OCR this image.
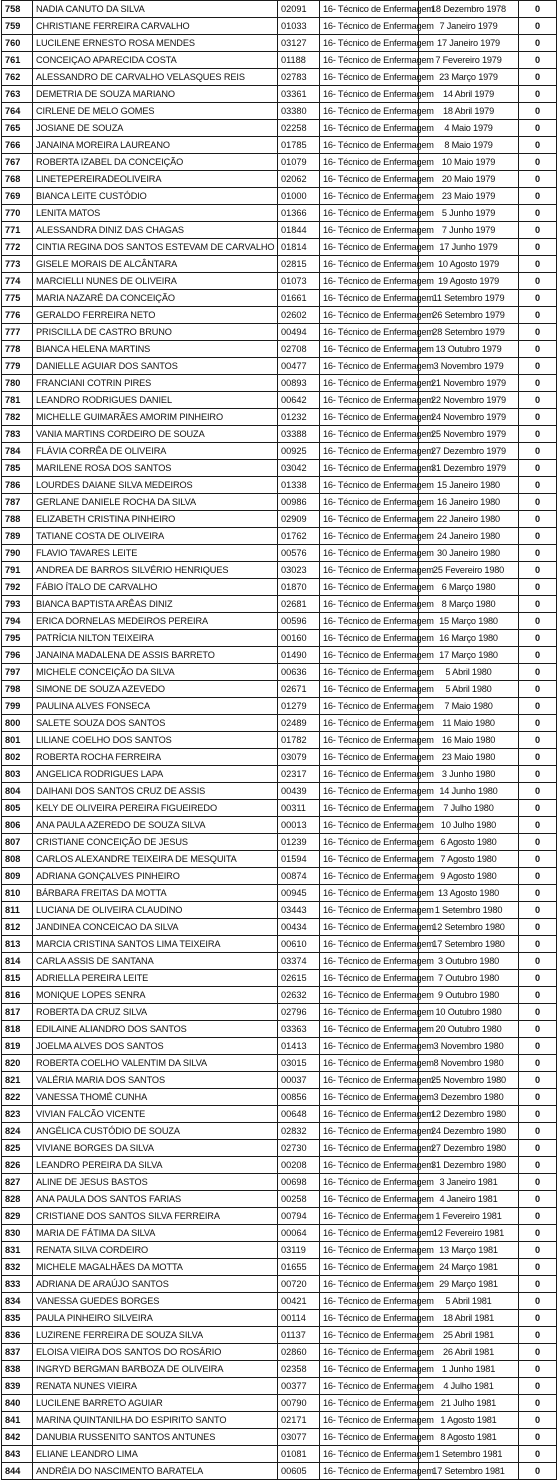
758	NADIA CANUTO DA SILVA	02091	16- Técnico de Enfermagem	18 Dezembro 1978	0
759	CHRISTIANE FERREIRA CARVALHO	01033	16- Técnico de Enfermagem	7 Janeiro 1979	0
760	LUCILENE ERNESTO ROSA MENDES	03127	16- Técnico de Enfermagem	17 Janeiro 1979	0
761	CONCEIÇAO APARECIDA COSTA	01188	16- Técnico de Enfermagem	7 Fevereiro 1979	0
762	ALESSANDRO DE CARVALHO VELASQUES REIS	02783	16- Técnico de Enfermagem	23 Março 1979	0
763	DEMETRIA DE SOUZA MARIANO	03361	16- Técnico de Enfermagem	14 Abril 1979	0
764	CIRLENE DE MELO GOMES	03380	16- Técnico de Enfermagem	18 Abril 1979	0
765	JOSIANE DE SOUZA	02258	16- Técnico de Enfermagem	4 Maio 1979	0
766	JANAINA MOREIRA LAUREANO	01785	16- Técnico de Enfermagem	8 Maio 1979	0
767	ROBERTA IZABEL DA CONCEIÇÃO	01079	16- Técnico de Enfermagem	10 Maio 1979	0
768	LINETEPEREIRADEOLIVEIRA	02062	16- Técnico de Enfermagem	20 Maio 1979	0
769	BIANCA LEITE CUSTÓDIO	01000	16- Técnico de Enfermagem	23 Maio 1979	0
770	LENITA MATOS	01366	16- Técnico de Enfermagem	5 Junho 1979	0
771	ALESSANDRA DINIZ DAS CHAGAS	01844	16- Técnico de Enfermagem	7 Junho 1979	0
772	CINTIA REGINA DOS SANTOS ESTEVAM DE CARVALHO	01814	16- Técnico de Enfermagem	17 Junho 1979	0
773	GISELE MORAIS DE ALCÂNTARA	02815	16- Técnico de Enfermagem	10 Agosto 1979	0
774	MARCIELLI NUNES DE OLIVEIRA	01073	16- Técnico de Enfermagem	19 Agosto 1979	0
775	MARIA NAZARÉ DA CONCEIÇÃO	01661	16- Técnico de Enfermagem	11 Setembro 1979	0
776	GERALDO FERREIRA NETO	02602	16- Técnico de Enfermagem	26 Setembro 1979	0
777	PRISCILLA DE CASTRO BRUNO	00494	16- Técnico de Enfermagem	28 Setembro 1979	0
778	BIANCA HELENA MARTINS	02708	16- Técnico de Enfermagem	13 Outubro 1979	0
779	DANIELLE AGUIAR DOS SANTOS	00477	16- Técnico de Enfermagem	3 Novembro 1979	0
780	FRANCIANI COTRIN PIRES	00893	16- Técnico de Enfermagem	21 Novembro 1979	0
781	LEANDRO RODRIGUES DANIEL	00642	16- Técnico de Enfermagem	22 Novembro 1979	0
782	MICHELLE GUIMARÃES AMORIM PINHEIRO	01232	16- Técnico de Enfermagem	24 Novembro 1979	0
783	VANIA MARTINS CORDEIRO DE SOUZA	03388	16- Técnico de Enfermagem	25 Novembro 1979	0
784	FLÁVIA CORRÊA DE OLIVEIRA	00925	16- Técnico de Enfermagem	27 Dezembro 1979	0
785	MARILENE ROSA DOS SANTOS	03042	16- Técnico de Enfermagem	31 Dezembro 1979	0
786	LOURDES DAIANE SILVA MEDEIROS	01338	16- Técnico de Enfermagem	15 Janeiro 1980	0
787	GERLANE DANIELE ROCHA DA SILVA	00986	16- Técnico de Enfermagem	16 Janeiro 1980	0
788	ELIZABETH CRISTINA PINHEIRO	02909	16- Técnico de Enfermagem	22 Janeiro 1980	0
789	TATIANE COSTA DE OLIVEIRA	01762	16- Técnico de Enfermagem	24 Janeiro 1980	0
790	FLAVIO TAVARES LEITE	00576	16- Técnico de Enfermagem	30 Janeiro 1980	0
791	ANDREA DE BARROS SILVÉRIO HENRIQUES	03023	16- Técnico de Enfermagem	25 Fevereiro 1980	0
792	FÁBIO ÍTALO DE CARVALHO	01870	16- Técnico de Enfermagem	6 Março 1980	0
793	BIANCA BAPTISTA ARÊAS DINIZ	02681	16- Técnico de Enfermagem	8 Março 1980	0
794	ERICA DORNELAS MEDEIROS PEREIRA	00596	16- Técnico de Enfermagem	15 Março 1980	0
795	PATRÍCIA NILTON TEIXEIRA	00160	16- Técnico de Enfermagem	16 Março 1980	0
796	JANAINA MADALENA DE ASSIS BARRETO	01490	16- Técnico de Enfermagem	17 Março 1980	0
797	MICHELE CONCEIÇÃO DA SILVA	00636	16- Técnico de Enfermagem	5 Abril 1980	0
798	SIMONE DE SOUZA AZEVEDO	02671	16- Técnico de Enfermagem	5 Abril 1980	0
799	PAULINA ALVES FONSECA	01279	16- Técnico de Enfermagem	7 Maio 1980	0
800	SALETE SOUZA DOS SANTOS	02489	16- Técnico de Enfermagem	11 Maio 1980	0
801	LILIANE COELHO DOS SANTOS	01782	16- Técnico de Enfermagem	16 Maio 1980	0
802	ROBERTA ROCHA FERREIRA	03079	16- Técnico de Enfermagem	23 Maio 1980	0
803	ANGELICA RODRIGUES LAPA	02317	16- Técnico de Enfermagem	3 Junho 1980	0
804	DAIHANI DOS SANTOS CRUZ DE ASSIS	00439	16- Técnico de Enfermagem	14 Junho 1980	0
805	KELY DE OLIVEIRA PEREIRA FIGUEIREDO	00311	16- Técnico de Enfermagem	7 Julho 1980	0
806	ANA PAULA AZEREDO DE SOUZA SILVA	00013	16- Técnico de Enfermagem	10 Julho 1980	0
807	CRISTIANE CONCEIÇÃO DE JESUS	01239	16- Técnico de Enfermagem	6 Agosto 1980	0
808	CARLOS ALEXANDRE TEIXEIRA DE MESQUITA	01594	16- Técnico de Enfermagem	7 Agosto 1980	0
809	ADRIANA GONÇALVES PINHEIRO	00874	16- Técnico de Enfermagem	9 Agosto 1980	0
810	BÁRBARA FREITAS DA MOTTA	00945	16- Técnico de Enfermagem	13 Agosto 1980	0
811	LUCIANA DE OLIVEIRA CLAUDINO	03443	16- Técnico de Enfermagem	1 Setembro 1980	0
812	JANDINEA CONCEICAO DA SILVA	00434	16- Técnico de Enfermagem	12 Setembro 1980	0
813	MARCIA CRISTINA SANTOS LIMA TEIXEIRA	00610	16- Técnico de Enfermagem	17 Setembro 1980	0
814	CARLA ASSIS DE SANTANA	03374	16- Técnico de Enfermagem	3 Outubro 1980	0
815	ADRIELLA PEREIRA LEITE	02615	16- Técnico de Enfermagem	7 Outubro 1980	0
816	MONIQUE LOPES SENRA	02632	16- Técnico de Enfermagem	9 Outubro 1980	0
817	ROBERTA DA CRUZ SILVA	02796	16- Técnico de Enfermagem	10 Outubro 1980	0
818	EDILAINE ALIANDRO DOS SANTOS	03363	16- Técnico de Enfermagem	20 Outubro 1980	0
819	JOELMA ALVES DOS SANTOS	01413	16- Técnico de Enfermagem	3 Novembro 1980	0
820	ROBERTA COELHO VALENTIM DA SILVA	03015	16- Técnico de Enfermagem	8 Novembro 1980	0
821	VALÉRIA MARIA DOS SANTOS	00037	16- Técnico de Enfermagem	25 Novembro 1980	0
822	VANESSA THOMÉ CUNHA	00856	16- Técnico de Enfermagem	3 Dezembro 1980	0
823	VIVIAN FALCÃO VICENTE	00648	16- Técnico de Enfermagem	12 Dezembro 1980	0
824	ANGÉLICA CUSTÓDIO DE SOUZA	02832	16- Técnico de Enfermagem	24 Dezembro 1980	0
825	VIVIANE BORGES DA SILVA	02730	16- Técnico de Enfermagem	27 Dezembro 1980	0
826	LEANDRO PEREIRA DA SILVA	00208	16- Técnico de Enfermagem	31 Dezembro 1980	0
827	ALINE DE JESUS BASTOS	00698	16- Técnico de Enfermagem	3 Janeiro 1981	0
828	ANA PAULA DOS SANTOS FARIAS	00258	16- Técnico de Enfermagem	4 Janeiro 1981	0
829	CRISTIANE DOS SANTOS SILVA FERREIRA	00794	16- Técnico de Enfermagem	1 Fevereiro 1981	0
830	MARIA DE FÁTIMA DA SILVA	00064	16- Técnico de Enfermagem	12 Fevereiro 1981	0
831	RENATA SILVA CORDEIRO	03119	16- Técnico de Enfermagem	13 Março 1981	0
832	MICHELE MAGALHÃES DA MOTTA	01655	16- Técnico de Enfermagem	24 Março 1981	0
833	ADRIANA DE ARAÚJO SANTOS	00720	16- Técnico de Enfermagem	29 Março 1981	0
834	VANESSA GUEDES BORGES	00421	16- Técnico de Enfermagem	5 Abril 1981	0
835	PAULA PINHEIRO SILVEIRA	00114	16- Técnico de Enfermagem	18 Abril 1981	0
836	LUZIRENE FERREIRA DE SOUZA SILVA	01137	16- Técnico de Enfermagem	25 Abril 1981	0
837	ELOISA VIEIRA DOS SANTOS DO ROSÁRIO	02860	16- Técnico de Enfermagem	26 Abril 1981	0
838	INGRYD BERGMAN BARBOZA DE OLIVEIRA	02358	16- Técnico de Enfermagem	1 Junho 1981	0
839	RENATA NUNES VIEIRA	00377	16- Técnico de Enfermagem	4 Julho 1981	0
840	LUCILENE BARRETO AGUIAR	00790	16- Técnico de Enfermagem	21 Julho 1981	0
841	MARINA QUINTANILHA DO ESPIRITO SANTO	02171	16- Técnico de Enfermagem	1 Agosto 1981	0
842	DANUBIA RUSSENITO SANTOS ANTUNES	03077	16- Técnico de Enfermagem	8 Agosto 1981	0
843	ELIANE LEANDRO LIMA	01081	16- Técnico de Enfermagem	1 Setembro 1981	0
844	ANDRÉIA DO NASCIMENTO BARATELA	00605	16- Técnico de Enfermagem	17 Setembro 1981	0
